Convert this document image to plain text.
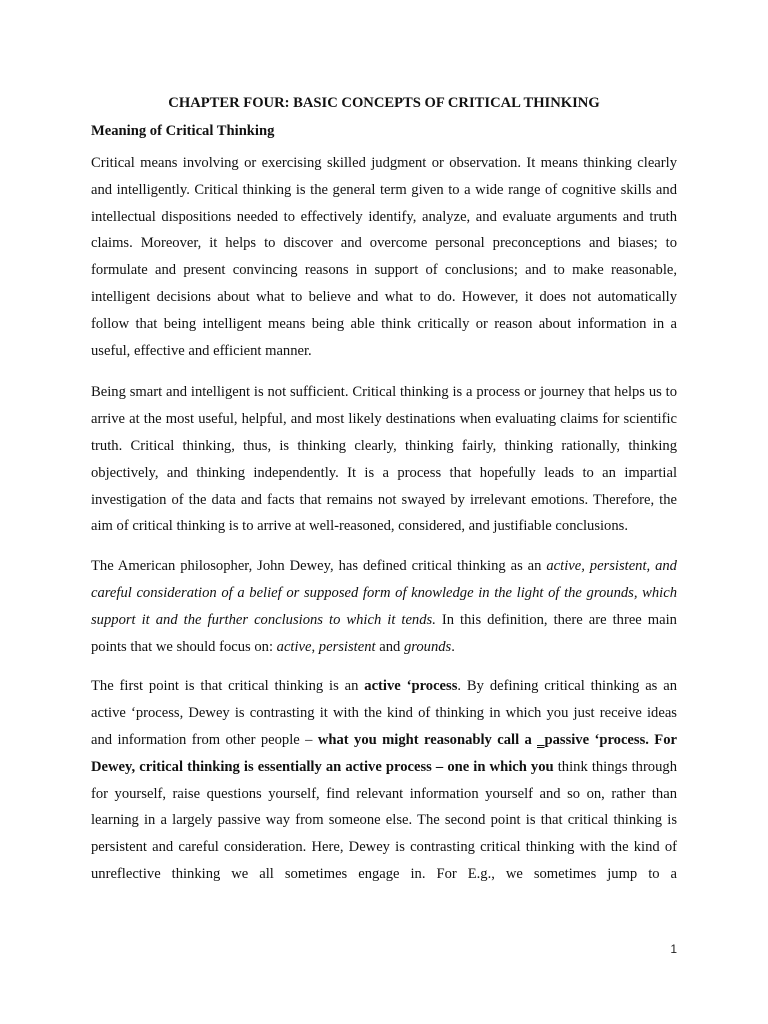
CHAPTER FOUR: BASIC CONCEPTS OF CRITICAL THINKING
Meaning of Critical Thinking

Critical means involving or exercising skilled judgment or observation. It means thinking clearly and intelligently. Critical thinking is the general term given to a wide range of cognitive skills and intellectual dispositions needed to effectively identify, analyze, and evaluate arguments and truth claims. Moreover, it helps to discover and overcome personal preconceptions and biases; to formulate and present convincing reasons in support of conclusions; and to make reasonable, intelligent decisions about what to believe and what to do. However, it does not automatically follow that being intelligent means being able think critically or reason about information in a useful, effective and efficient manner.

Being smart and intelligent is not sufficient. Critical thinking is a process or journey that helps us to arrive at the most useful, helpful, and most likely destinations when evaluating claims for scientific truth. Critical thinking, thus, is thinking clearly, thinking fairly, thinking rationally, thinking objectively, and thinking independently. It is a process that hopefully leads to an impartial investigation of the data and facts that remains not swayed by irrelevant emotions. Therefore, the aim of critical thinking is to arrive at well-reasoned, considered, and justifiable conclusions.

The American philosopher, John Dewey, has defined critical thinking as an active, persistent, and careful consideration of a belief or supposed form of knowledge in the light of the grounds, which support it and the further conclusions to which it tends. In this definition, there are three main points that we should focus on: active, persistent and grounds.

The first point is that critical thinking is an active ‘process. By defining critical thinking as an active ‘process, Dewey is contrasting it with the kind of thinking in which you just receive ideas and information from other people – what you might reasonably call a ‗passive ‘process. For Dewey, critical thinking is essentially an active process – one in which you think things through for yourself, raise questions yourself, find relevant information yourself and so on, rather than learning in a largely passive way from someone else. The second point is that critical thinking is persistent and careful consideration. Here, Dewey is contrasting critical thinking with the kind of unreflective thinking we all sometimes engage in. For E.g., we sometimes jump to a

1
